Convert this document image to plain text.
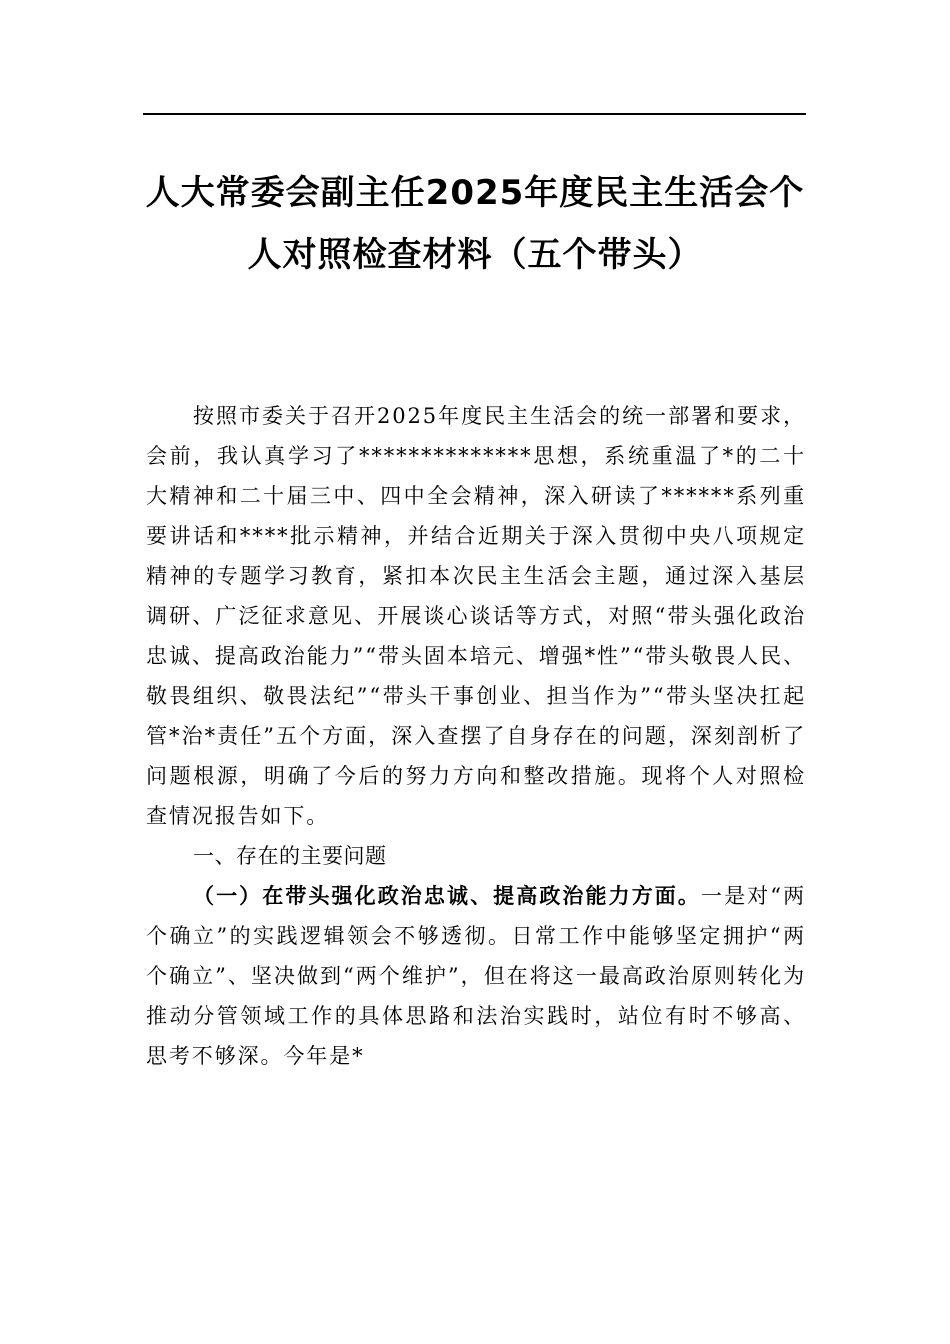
人大常委会副主任2025年度民主生活会个
人对照检查材料（五个带头）

按照市委关于召开2025年度民主生活会的统一部署和要求，会前，我认真学习了**************思想，系统重温了*的二十大精神和二十届三中、四中全会精神，深入研读了******系列重要讲话和****批示精神，并结合近期关于深入贯彻中央八项规定精神的专题学习教育，紧扣本次民主生活会主题，通过深入基层调研、广泛征求意见、开展谈心谈话等方式，对照“带头强化政治忠诚、提高政治能力”“带头固本培元、增强*性”“带头敬畏人民、敬畏组织、敬畏法纪”“带头干事创业、担当作为”“带头坚决扛起管*治*责任”五个方面，深入查摆了自身存在的问题，深刻剖析了问题根源，明确了今后的努力方向和整改措施。现将个人对照检查情况报告如下。

一、存在的主要问题

（一）在带头强化政治忠诚、提高政治能力方面。一是对“两个确立”的实践逻辑领会不够透彻。日常工作中能够坚定拥护“两个确立”、坚决做到“两个维护”，但在将这一最高政治原则转化为推动分管领域工作的具体思路和法治实践时，站位有时不够高、思考不够深。今年是*
